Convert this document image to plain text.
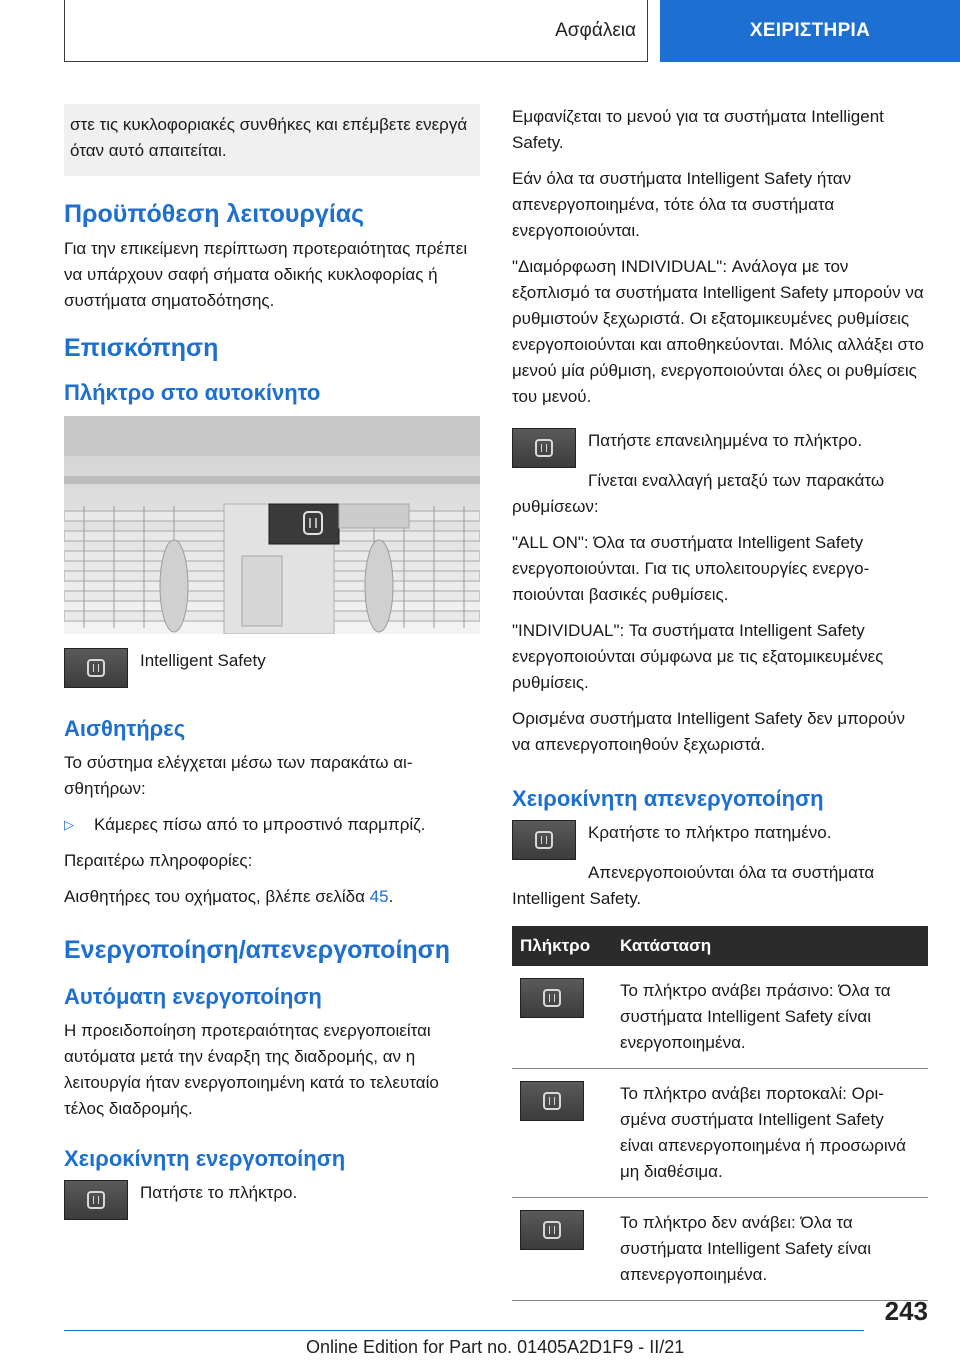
Ασφάλεια	ΧΕΙΡΙΣΤΗΡΙΑ
στε τις κυκλοφοριακές συνθήκες και επέμβετε ενεργά όταν αυτό απαιτείται.
Προϋπόθεση λειτουργίας

Για την επικείμενη περίπτωση προτεραιότητας πρέπει να υπάρχουν σαφή σήματα οδικής κυκλοφορίας ή συστήματα σηματοδότησης.

Επισκόπηση
Πλήκτρο στο αυτοκίνητο
Intelligent Safety
Αισθητήρες

Το σύστημα ελέγχεται μέσω των παρακάτω αισθητήρων:

▷	Κάμερες πίσω από το μπροστινό παρμπρίζ.

Περαιτέρω πληροφορίες:

Αισθητήρες του οχήματος, βλέπε σελίδα 45.

Ενεργοποίηση/απενεργοποίηση
Αυτόματη ενεργοποίηση

Η προειδοποίηση προτεραιότητας ενεργοποιείται αυτόματα μετά την έναρξη της διαδρομής, αν η λειτουργία ήταν ενεργοποιημένη κατά το τελευταίο τέλος διαδρομής.

Χειροκίνητη ενεργοποίηση
Πατήστε το πλήκτρο.

Εμφανίζεται το μενού για τα συστήματα Intelligent Safety.

Εάν όλα τα συστήματα Intelligent Safety ήταν απενεργοποιημένα, τότε όλα τα συστήματα ενεργοποιούνται.

"Διαμόρφωση INDIVIDUAL": Ανάλογα με τον εξοπλισμό τα συστήματα Intelligent Safety μπορούν να ρυθμιστούν ξεχωριστά. Οι εξατομικευμένες ρυθμίσεις ενεργοποιούνται και αποθηκεύονται. Μόλις αλλάξει στο μενού μία ρύθμιση, ενεργοποιούνται όλες οι ρυθμίσεις του μενού.

Πατήστε επανειλημμένα το πλήκτρο.

Γίνεται εναλλαγή μεταξύ των παρακάτω ρυθμίσεων:

"ALL ON": Όλα τα συστήματα Intelligent Safety ενεργοποιούνται. Για τις υπολειτουργίες ενεργοποιούνται βασικές ρυθμίσεις.

"INDIVIDUAL": Τα συστήματα Intelligent Safety ενεργοποιούνται σύμφωνα με τις εξατομικευμένες ρυθμίσεις.

Ορισμένα συστήματα Intelligent Safety δεν μπορούν να απενεργοποιηθούν ξεχωριστά.

Χειροκίνητη απενεργοποίηση
Κρατήστε το πλήκτρο πατημένο.

Απενεργοποιούνται όλα τα συστήματα Intelligent Safety.

Πλήκτρο	Κατάσταση

	Το πλήκτρο ανάβει πράσινο: Όλα τα συστήματα Intelligent Safety είναι ενεργοποιημένα.

	Το πλήκτρο ανάβει πορτοκαλί: Ορισμένα συστήματα Intelligent Safety είναι απενεργοποιημένα ή προσωρινά μη διαθέσιμα.

	Το πλήκτρο δεν ανάβει: Όλα τα συστήματα Intelligent Safety είναι απενεργοποιημένα.
243
Online Edition for Part no. 01405A2D1F9 - II/21
